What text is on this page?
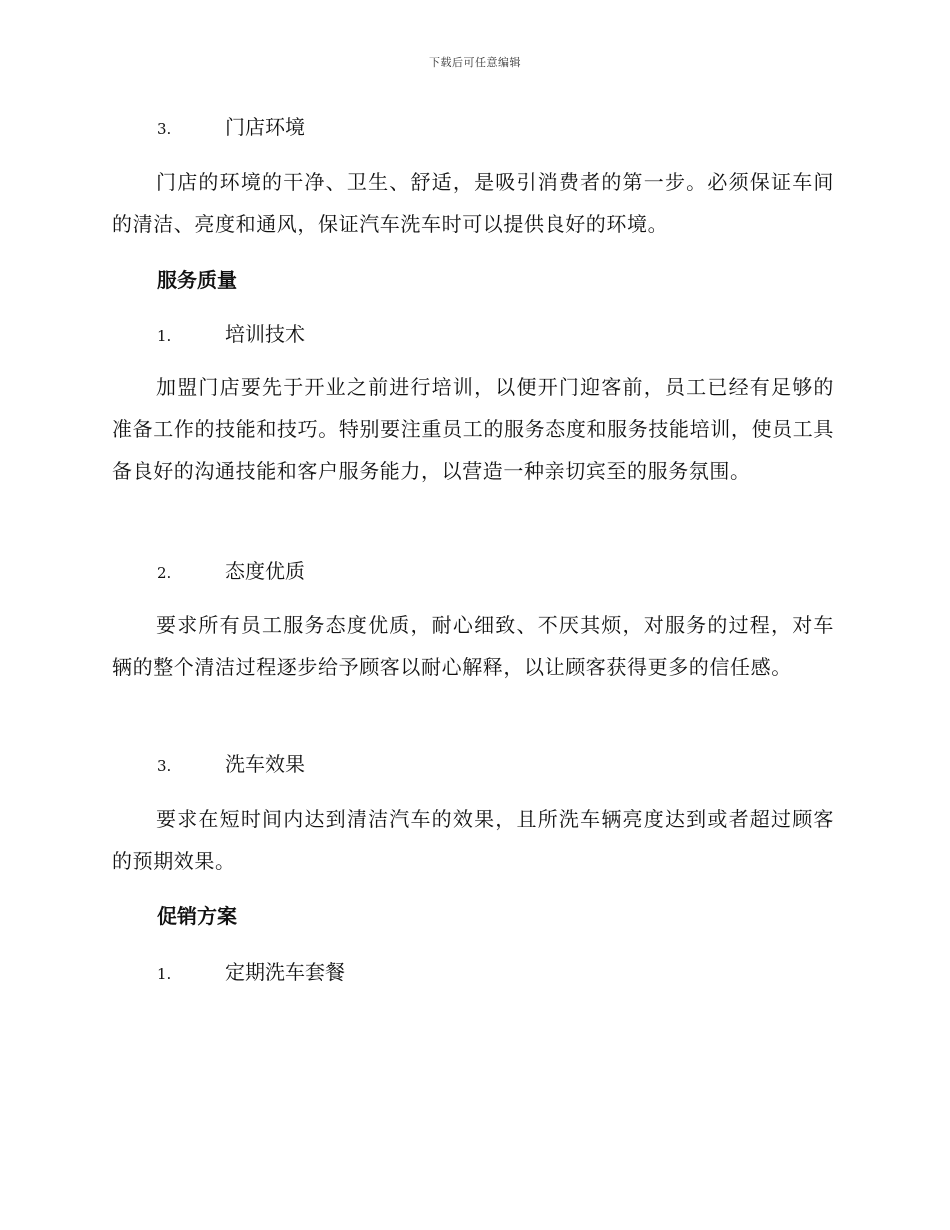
下载后可任意编辑
3.	门店环境
门店的环境的干净、卫生、舒适，是吸引消费者的第一步。必须保证车间的清洁、亮度和通风，保证汽车洗车时可以提供良好的环境。
服务质量
1.	培训技术
加盟门店要先于开业之前进行培训，以便开门迎客前，员工已经有足够的准备工作的技能和技巧。特别要注重员工的服务态度和服务技能培训，使员工具备良好的沟通技能和客户服务能力，以营造一种亲切宾至的服务氛围。
2.	态度优质
要求所有员工服务态度优质，耐心细致、不厌其烦，对服务的过程，对车辆的整个清洁过程逐步给予顾客以耐心解释，以让顾客获得更多的信任感。
3.	洗车效果
要求在短时间内达到清洁汽车的效果，且所洗车辆亮度达到或者超过顾客的预期效果。
促销方案
1.	定期洗车套餐
